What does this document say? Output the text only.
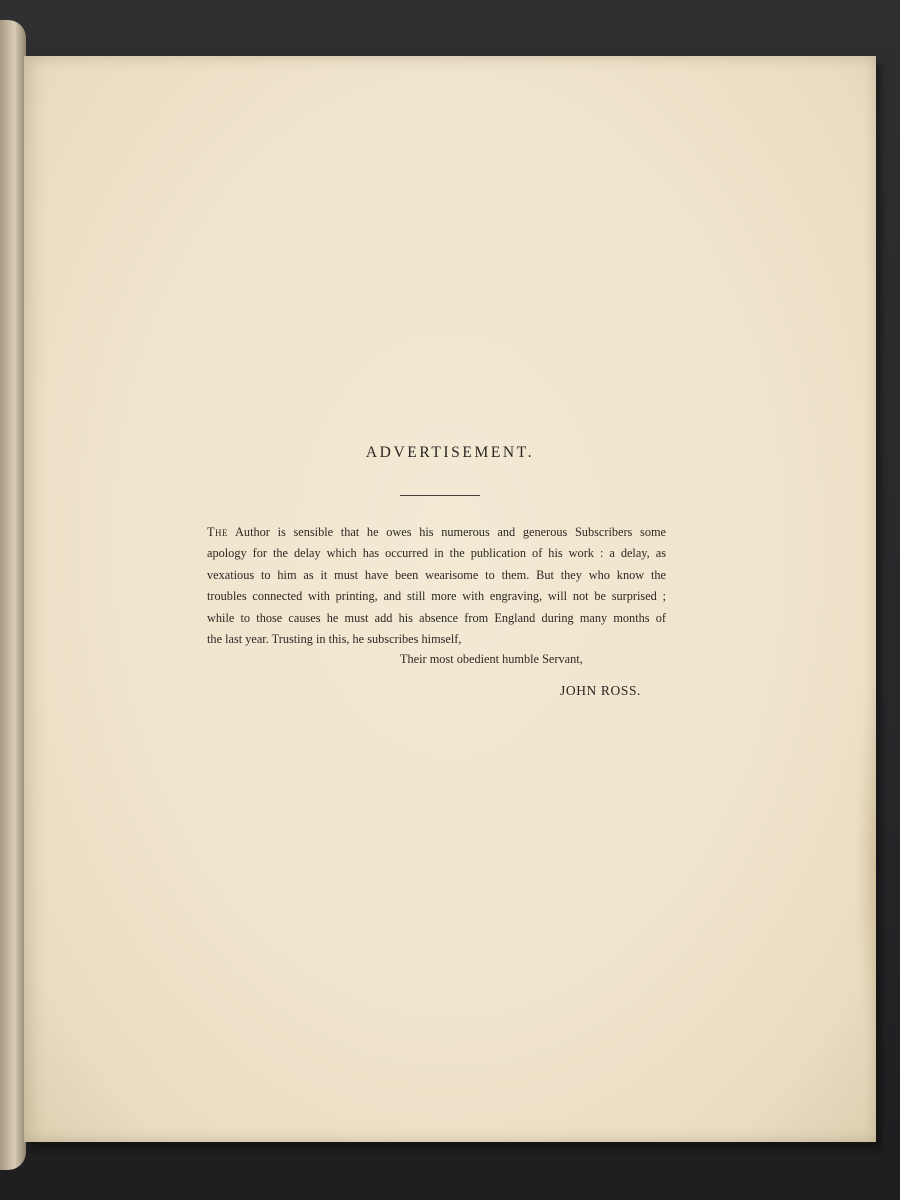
ADVERTISEMENT.
The Author is sensible that he owes his numerous and generous Subscribers some
apology for the delay which has occurred in the publication of his work : a delay, as
vexatious to him as it must have been wearisome to them. But they who know the
troubles connected with printing, and still more with engraving, will not be surprised ;
while to those causes he must add his absence from England during many months of
the last year. Trusting in this, he subscribes himself,

Their most obedient humble Servant,

JOHN ROSS.
